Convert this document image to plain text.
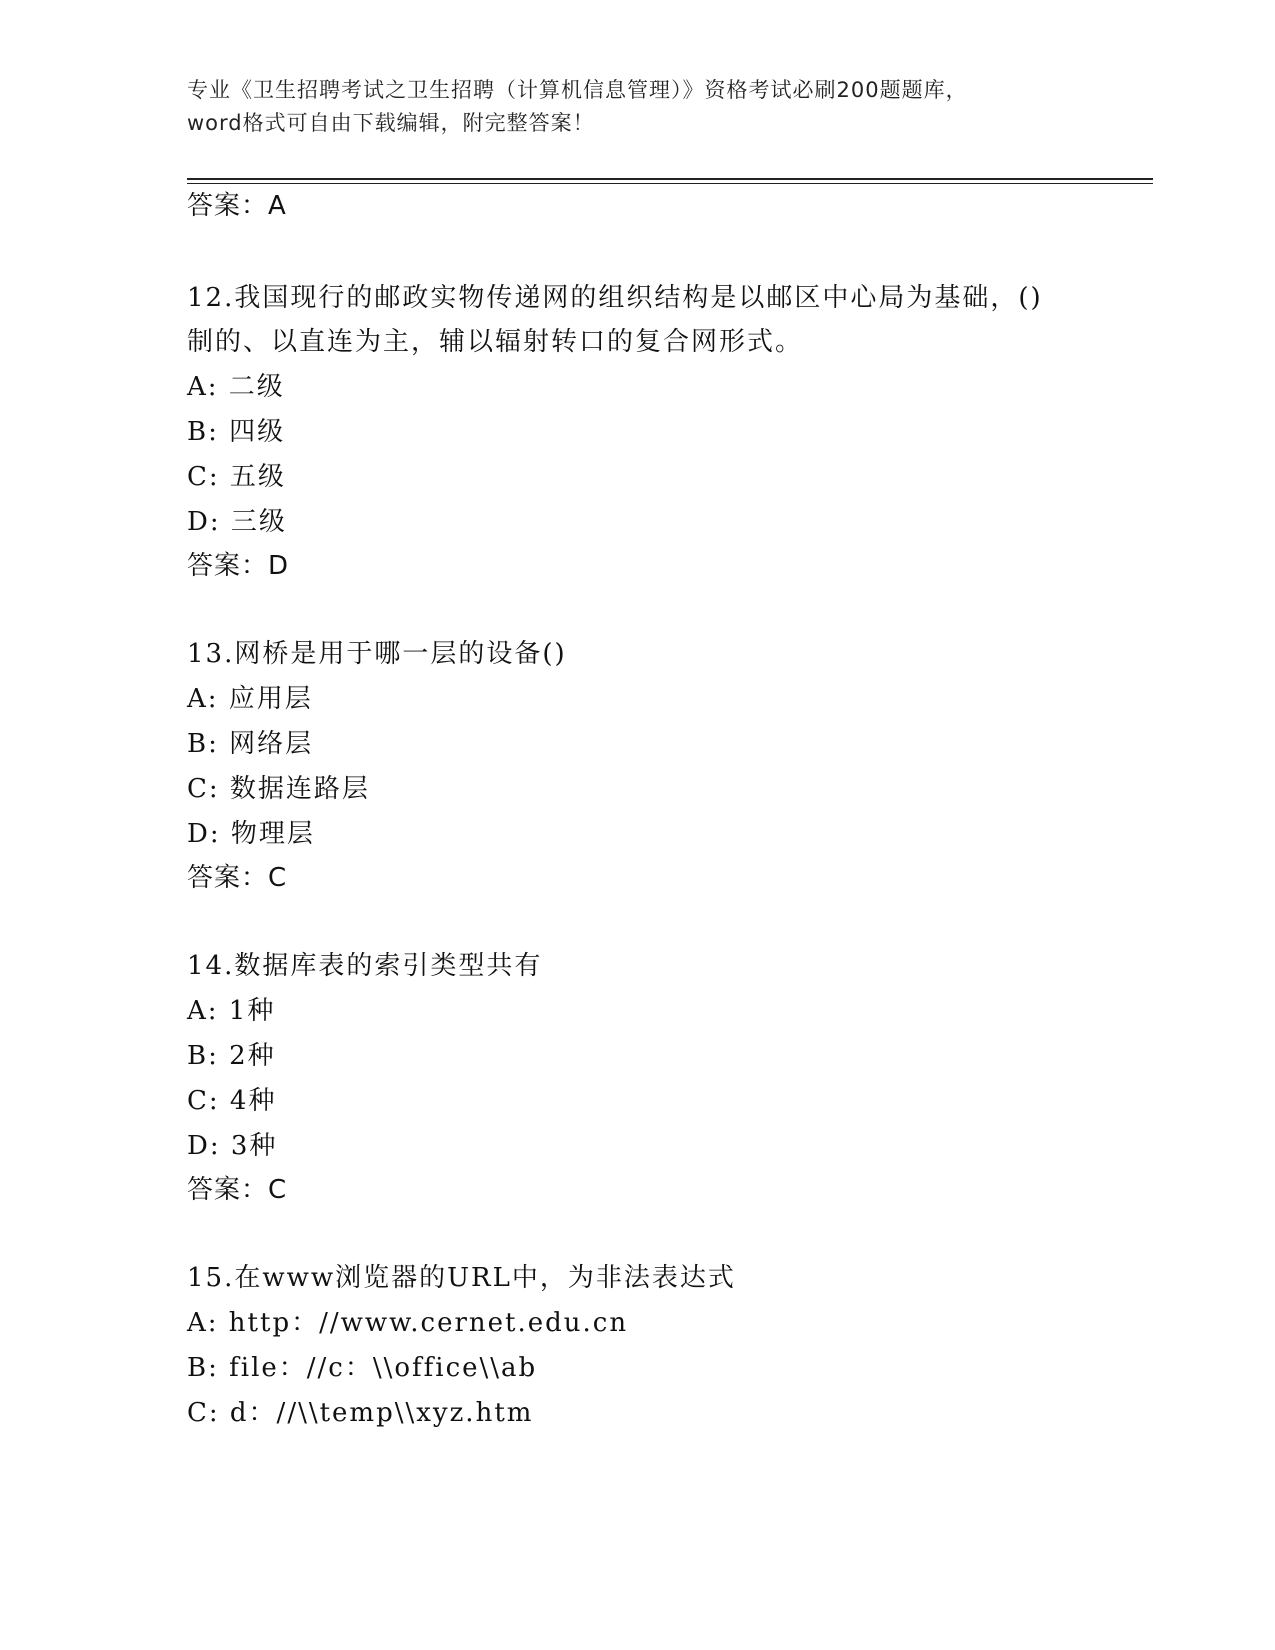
专业《卫生招聘考试之卫生招聘（计算机信息管理）》资格考试必刷200题题库，
word格式可自由下载编辑，附完整答案！
答案：A
12.我国现行的邮政实物传递网的组织结构是以邮区中心局为基础，()
制的、以直连为主，辅以辐射转口的复合网形式。
A: 二级
B: 四级
C: 五级
D: 三级
答案：D
13.网桥是用于哪一层的设备()
A: 应用层
B: 网络层
C: 数据连路层
D: 物理层
答案：C
14.数据库表的索引类型共有
A: 1种
B: 2种
C: 4种
D: 3种
答案：C
15.在www浏览器的URL中，为非法表达式
A: http：//www.cernet.edu.cn
B: file：//c：\\office\\ab
C: d：//\\temp\\xyz.htm
